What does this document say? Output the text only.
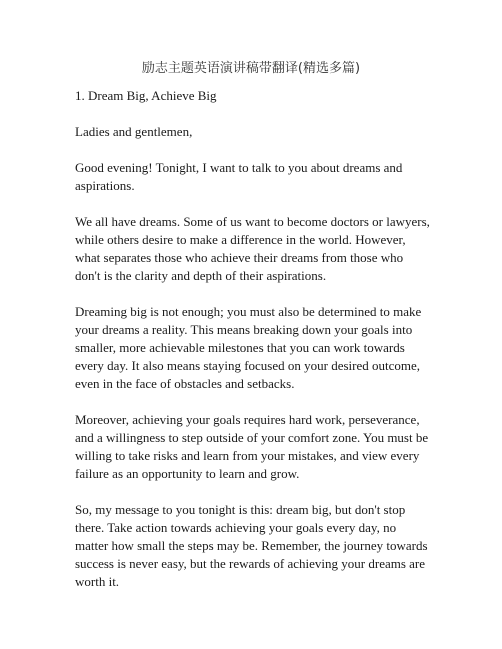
励志主题英语演讲稿带翻译(精选多篇)

1. Dream Big, Achieve Big

Ladies and gentlemen,

Good evening! Tonight, I want to talk to you about dreams and aspirations.

We all have dreams. Some of us want to become doctors or lawyers, while others desire to make a difference in the world. However, what separates those who achieve their dreams from those who don't is the clarity and depth of their aspirations.

Dreaming big is not enough; you must also be determined to make your dreams a reality. This means breaking down your goals into smaller, more achievable milestones that you can work towards every day. It also means staying focused on your desired outcome, even in the face of obstacles and setbacks.

Moreover, achieving your goals requires hard work, perseverance, and a willingness to step outside of your comfort zone. You must be willing to take risks and learn from your mistakes, and view every failure as an opportunity to learn and grow.

So, my message to you tonight is this: dream big, but don't stop there. Take action towards achieving your goals every day, no matter how small the steps may be. Remember, the journey towards success is never easy, but the rewards of achieving your dreams are worth it.
